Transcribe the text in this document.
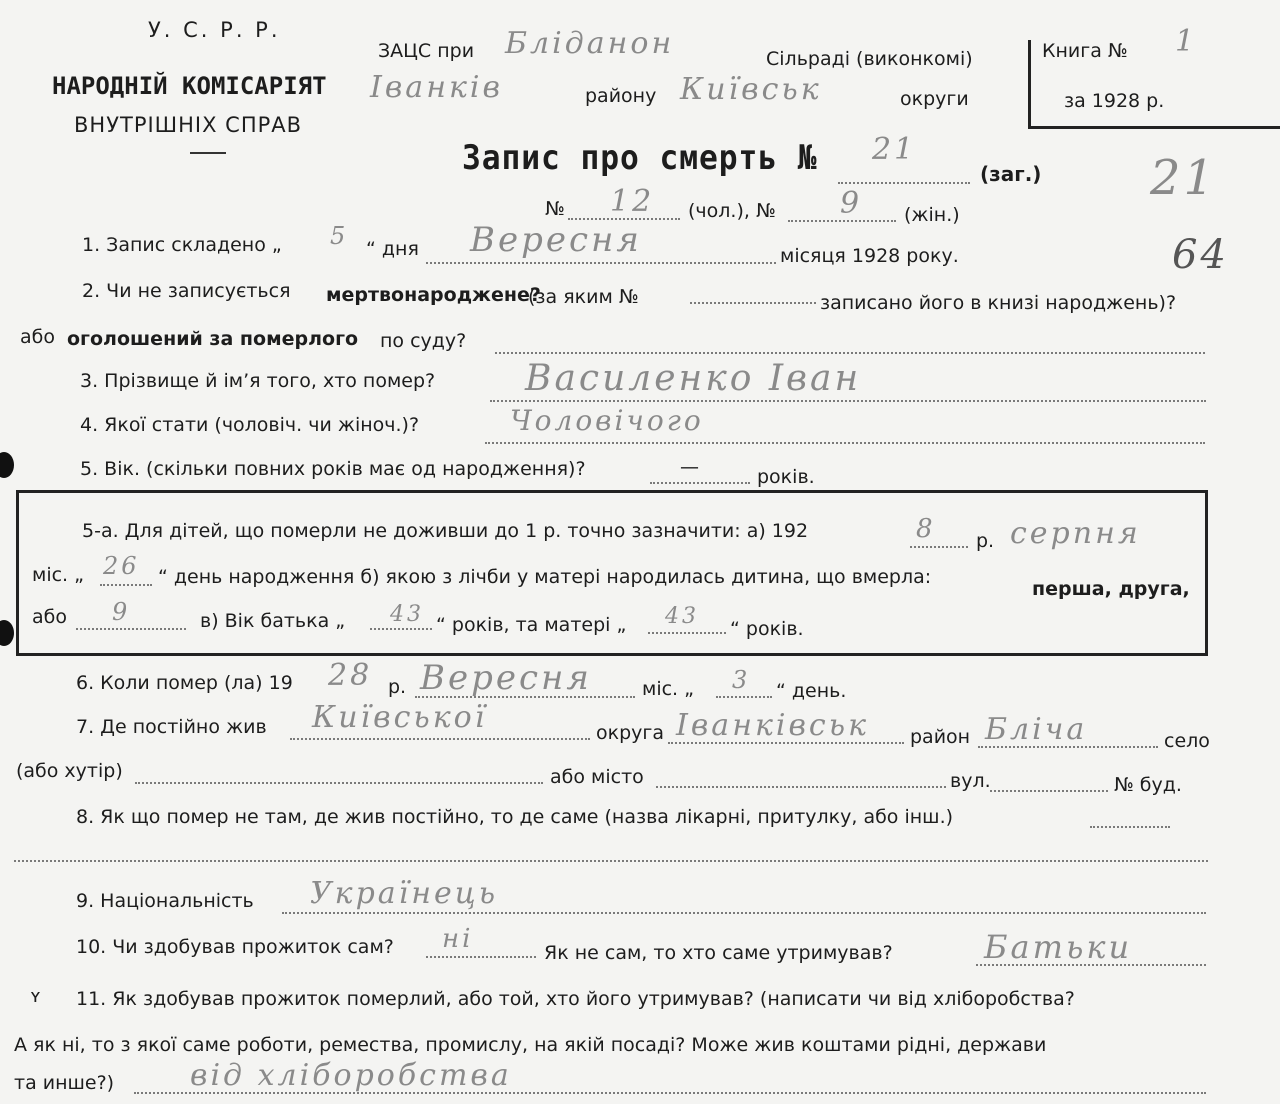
У. С. Р. Р.
НАРОДНІЙ КОМІСАРІЯТ
ВНУТРІШНІХ СПРАВ
ЗАЦС при Бліданон	Сільраді (виконкомі)
Іванків	району Київськ	округи
Книга № 1
за 1928 р.
Запис про смерть № 21
(заг.) 21
64
№ 12 (чол.), № 9 (жін.)
1. Запис складено „ 5 “ дня Вересня	місяця 1928 року.
2. Чи не записується мертвонароджене?
(за яким №	записано його в книзі народжень)?
або оголошений за померлого по суду?
3. Прізвище й ім’я того, хто помер? Василенко Іван
4. Якої стати (чоловіч. чи жіноч.)?	Чоловічого
5. Вік. (скільки повних років має од народження)?	—	років.
5-а. Для дітей, що померли не доживши до 1 р. точно зазначити: а) 192	8 р. серпня
міс. „ 26 “ день народження б) якою з лічби у матері народилась дитина, що вмерла:
перша, друга,
або 9	в) Вік батька „ 43 “ років, та матері „ 43 “ років.
6. Коли помер (ла) 19 28 р. Вересня	міс. „ 3 “ день.
7. Де постійно жив Київської	округа Іванківськ район Бліча	село
(або хутір)	або місто	вул.	№ буд.
8. Як що помер не там, де жив постійно, то де саме (назва лікарні, притулку, або інш.)
9. Національність Українець
10. Чи здобував прожиток сам? ні	Як не сам, то хто саме утримував?	Батьки
ʏ 11. Як здобував прожиток померлий, або той, хто його утримував? (написати чи від хліборобства?
А як ні, то з якої саме роботи, ремества, промислу, на якій посаді? Може жив коштами рідні, держави
та инше?)	від хліборобства
